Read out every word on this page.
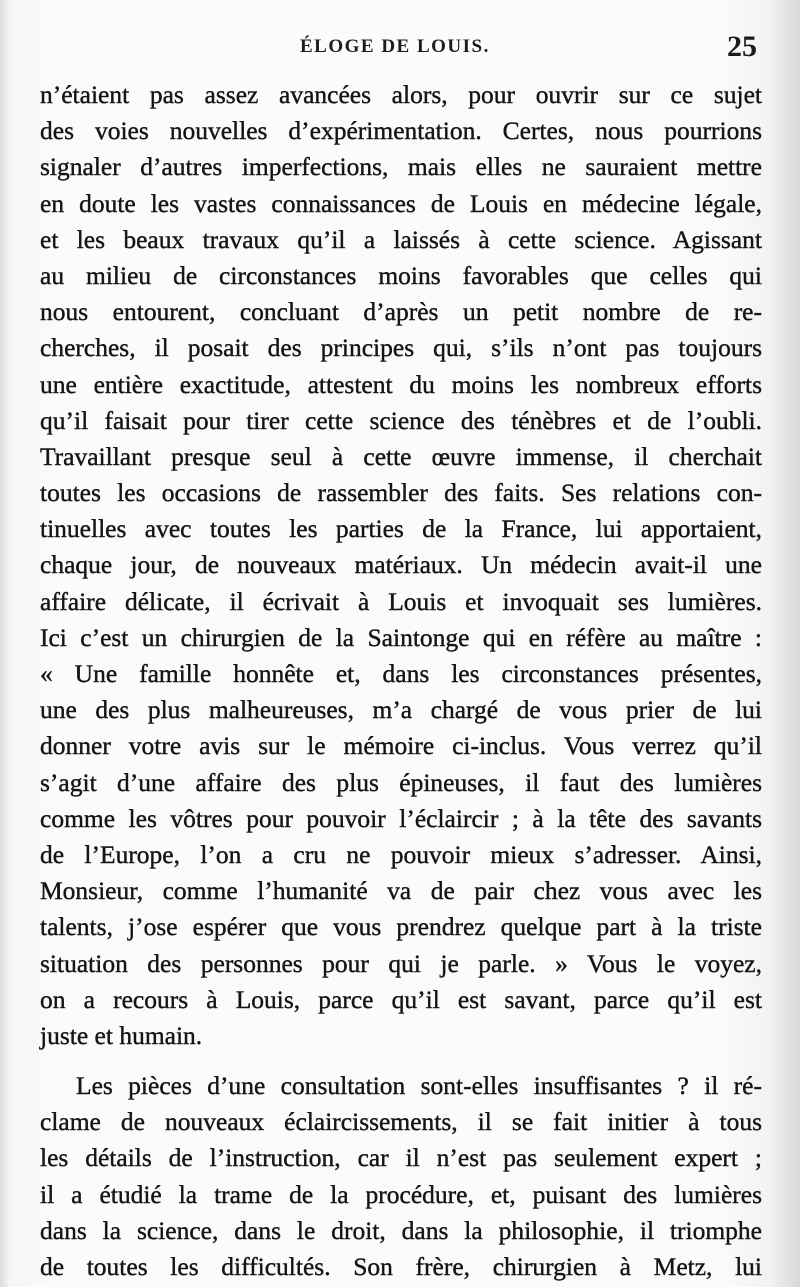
ÉLOGE DE LOUIS.	25
n’étaient pas assez avancées alors, pour ouvrir sur ce sujet
des voies nouvelles d’expérimentation. Certes, nous pourrions
signaler d’autres imperfections, mais elles ne sauraient mettre
en doute les vastes connaissances de Louis en médecine légale,
et les beaux travaux qu’il a laissés à cette science. Agissant
au milieu de circonstances moins favorables que celles qui
nous entourent, concluant d’après un petit nombre de re-
cherches, il posait des principes qui, s’ils n’ont pas toujours
une entière exactitude, attestent du moins les nombreux efforts
qu’il faisait pour tirer cette science des ténèbres et de l’oubli.
Travaillant presque seul à cette œuvre immense, il cherchait
toutes les occasions de rassembler des faits. Ses relations con-
tinuelles avec toutes les parties de la France, lui apportaient,
chaque jour, de nouveaux matériaux. Un médecin avait-il une
affaire délicate, il écrivait à Louis et invoquait ses lumières.
Ici c’est un chirurgien de la Saintonge qui en réfère au maître :
« Une famille honnête et, dans les circonstances présentes,
une des plus malheureuses, m’a chargé de vous prier de lui
donner votre avis sur le mémoire ci-inclus. Vous verrez qu’il
s’agit d’une affaire des plus épineuses, il faut des lumières
comme les vôtres pour pouvoir l’éclaircir ; à la tête des savants
de l’Europe, l’on a cru ne pouvoir mieux s’adresser. Ainsi,
Monsieur, comme l’humanité va de pair chez vous avec les
talents, j’ose espérer que vous prendrez quelque part à la triste
situation des personnes pour qui je parle. » Vous le voyez,
on a recours à Louis, parce qu’il est savant, parce qu’il est
juste et humain.
Les pièces d’une consultation sont-elles insuffisantes ? il ré-
clame de nouveaux éclaircissements, il se fait initier à tous
les détails de l’instruction, car il n’est pas seulement expert ;
il a étudié la trame de la procédure, et, puisant des lumières
dans la science, dans le droit, dans la philosophie, il triomphe
de toutes les difficultés. Son frère, chirurgien à Metz, lui
